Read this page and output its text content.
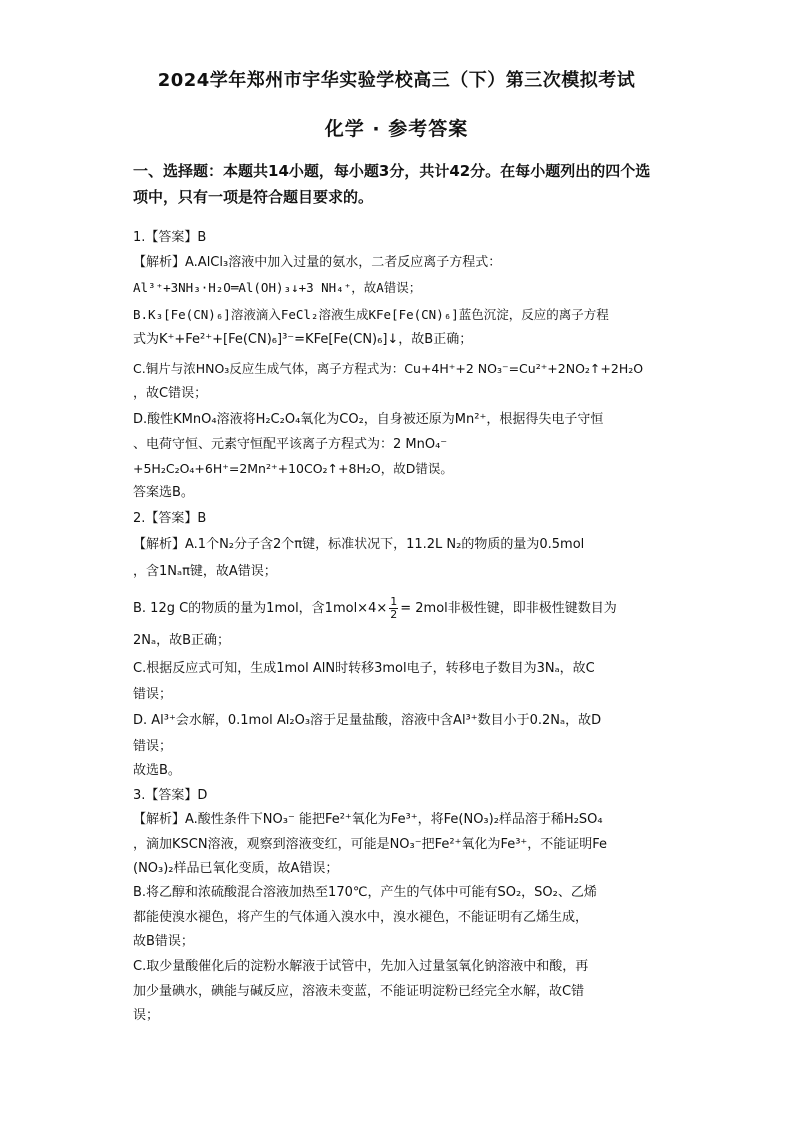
2024学年郑州市宇华实验学校高三（下）第三次模拟考试
化学 · 参考答案
一、选择题：本题共14小题，每小题3分，共计42分。在每小题列出的四个选项中，只有一项是符合题目要求的。
1.【答案】B
【解析】A.AlCl₃溶液中加入过量的氨水，二者反应离子方程式：
Al³⁺+3NH₃·H₂O═Al(OH)₃↓+3 NH₄⁺，故A错误；
B.K₃[Fe(CN)₆]溶液滴入FeCl₂溶液生成KFe[Fe(CN)₆]蓝色沉淀，反应的离子方程
式为K⁺+Fe²⁺+[Fe(CN)₆]³⁻=KFe[Fe(CN)₆]↓，故B正确；
C.铜片与浓HNO₃反应生成气体，离子方程式为：Cu+4H⁺+2 NO₃⁻=Cu²⁺+2NO₂↑+2H₂O
，故C错误；
D.酸性KMnO₄溶液将H₂C₂O₄氧化为CO₂，自身被还原为Mn²⁺，根据得失电子守恒
、电荷守恒、元素守恒配平该离子方程式为：2 MnO₄⁻
+5H₂C₂O₄+6H⁺=2Mn²⁺+10CO₂↑+8H₂O，故D错误。
答案选B。
2.【答案】B
【解析】A.1个N₂分子含2个π键，标准状况下，11.2L N₂的物质的量为0.5mol
，含1Nₐπ键，故A错误；
B. 12g C的物质的量为1mol，含$1mol\times 4\times \frac{1}{2} = 2mol$非极性键，即非极性键数目为
2Nₐ，故B正确；
C.根据反应式可知，生成1mol AlN时转移3mol电子，转移电子数目为3Nₐ，故C
错误；
D. Al³⁺会水解，0.1mol Al₂O₃溶于足量盐酸，溶液中含Al³⁺数目小于0.2Nₐ，故D
错误；
故选B。
3.【答案】D
【解析】A.酸性条件下NO₃⁻ 能把Fe²⁺氧化为Fe³⁺，将Fe(NO₃)₂样品溶于稀H₂SO₄
，滴加KSCN溶液，观察到溶液变红，可能是NO₃⁻把Fe²⁺氧化为Fe³⁺，不能证明Fe
(NO₃)₂样品已氧化变质，故A错误；
B.将乙醇和浓硫酸混合溶液加热至170℃，产生的气体中可能有SO₂，SO₂、乙烯
都能使溴水褪色，将产生的气体通入溴水中，溴水褪色，不能证明有乙烯生成，
故B错误；
C.取少量酸催化后的淀粉水解液于试管中，先加入过量氢氧化钠溶液中和酸，再
加少量碘水，碘能与碱反应，溶液未变蓝，不能证明淀粉已经完全水解，故C错
误；
